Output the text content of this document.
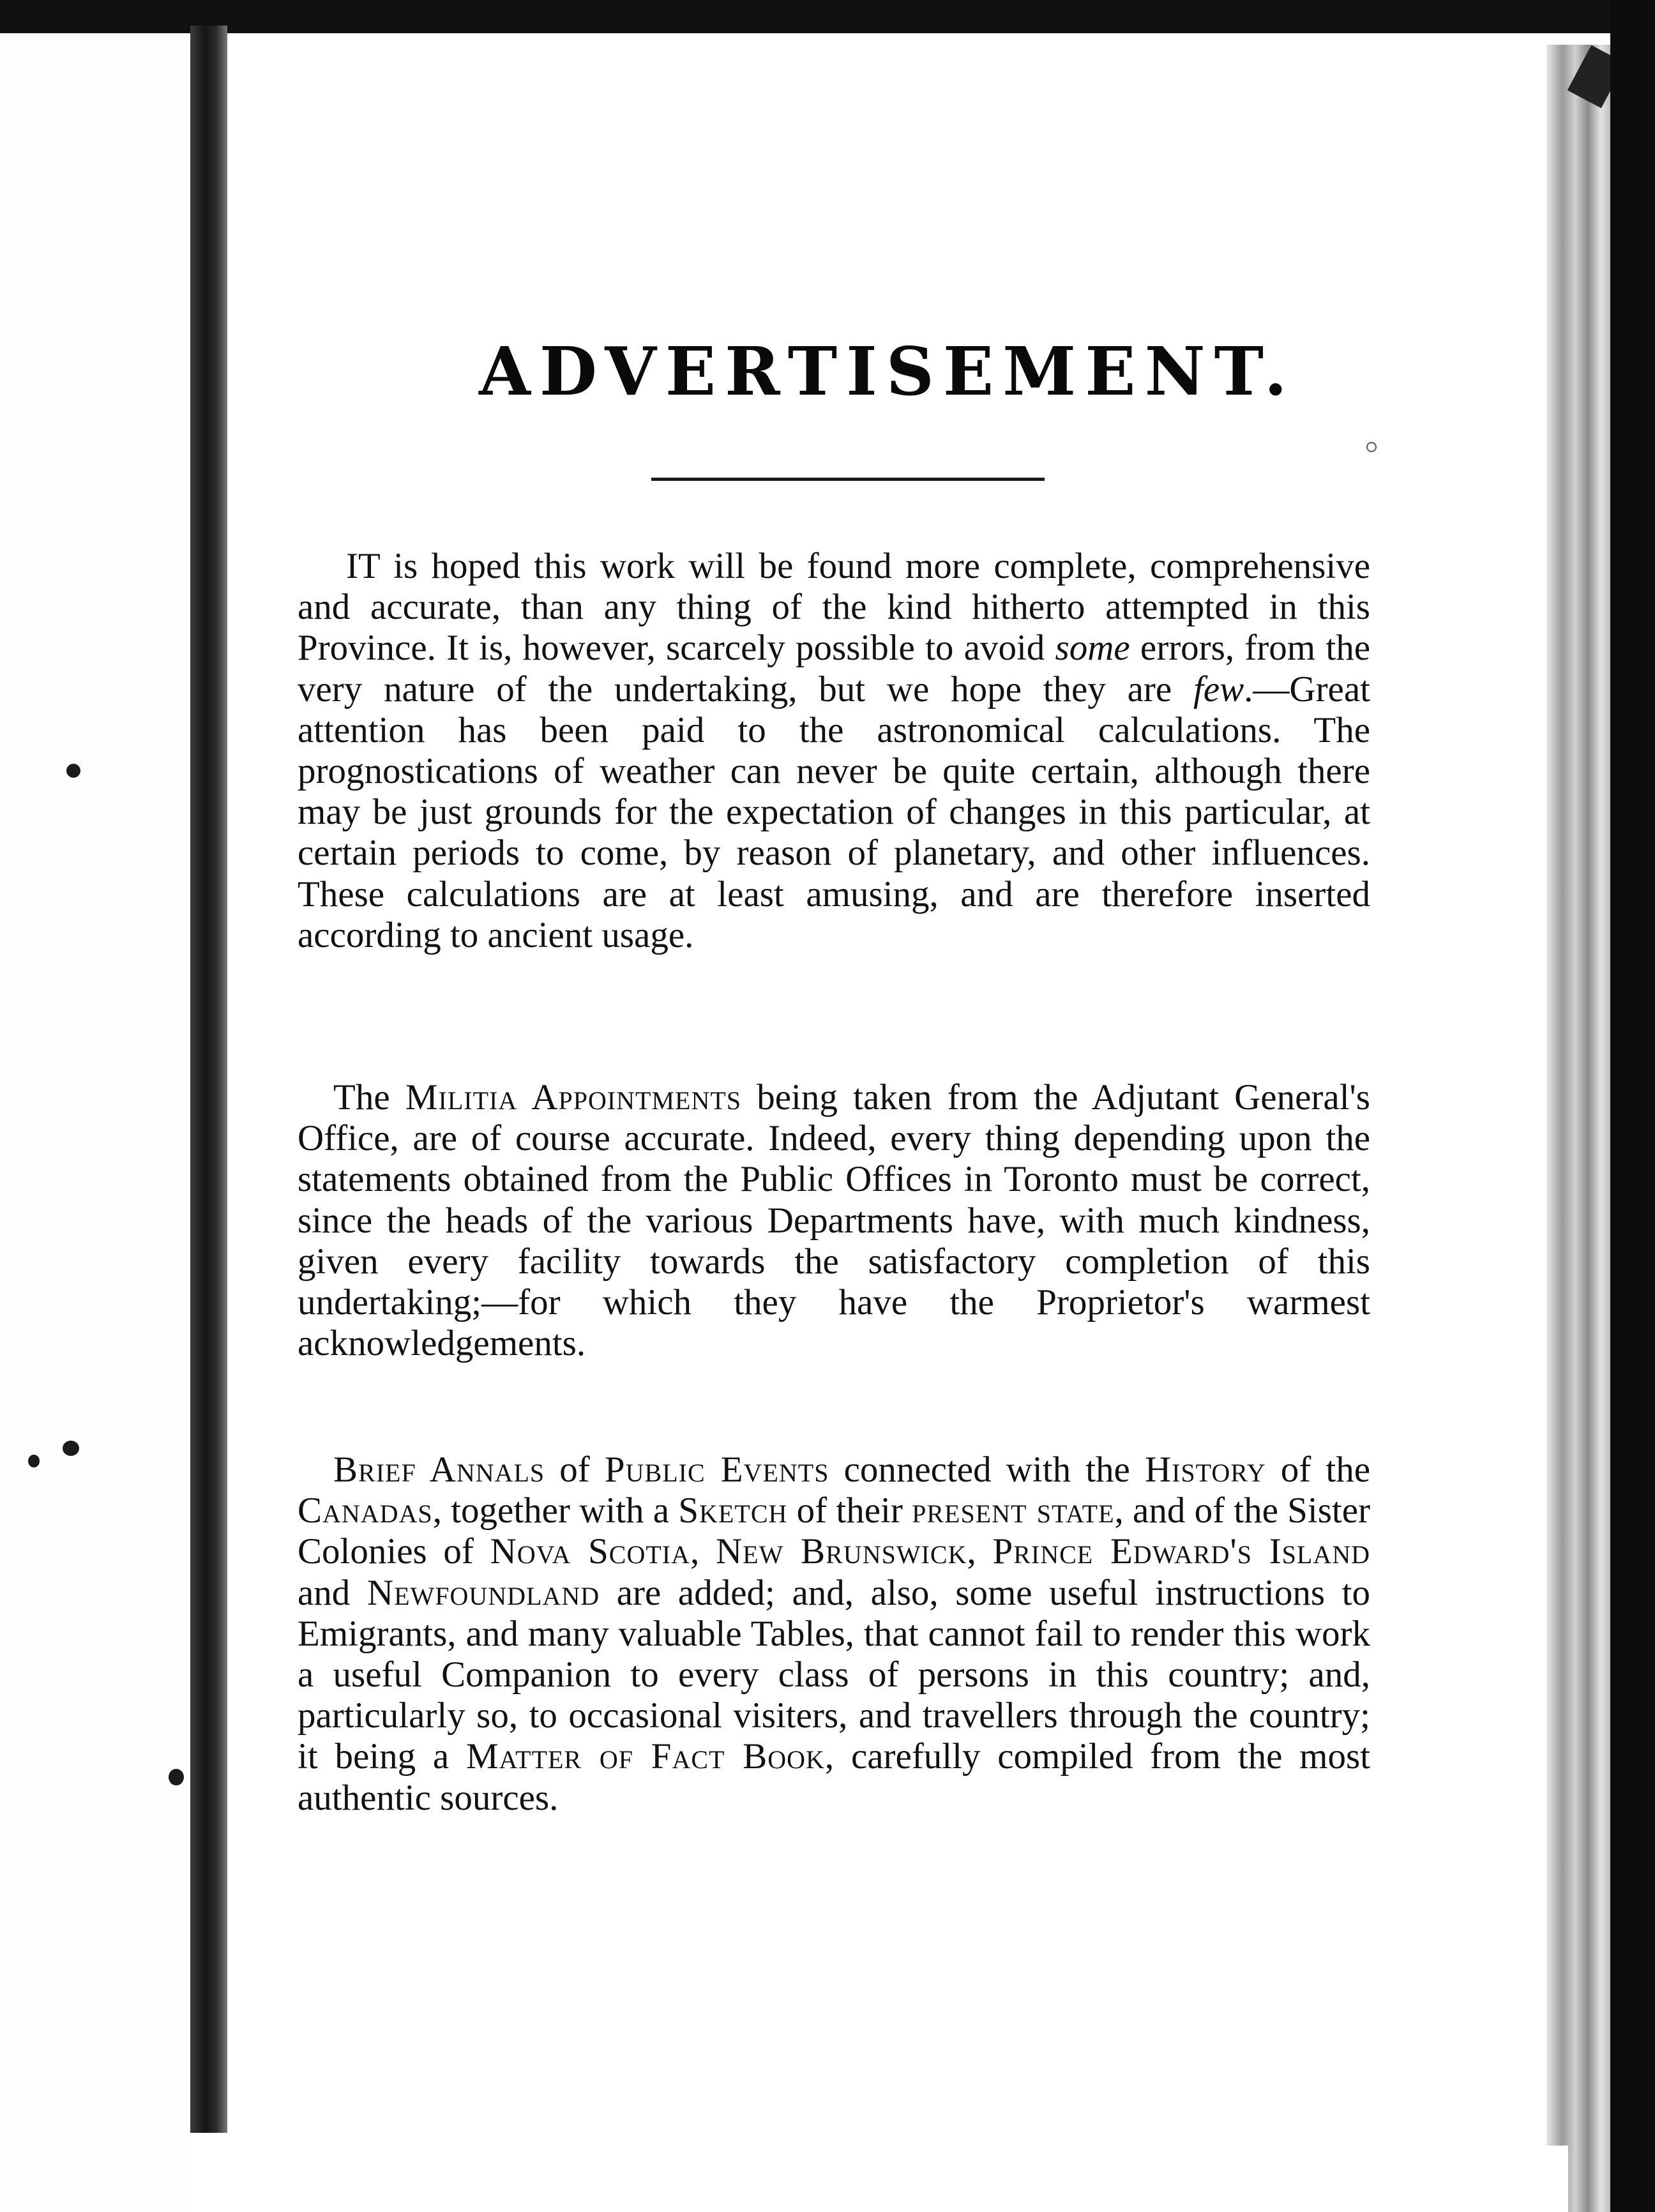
ADVERTISEMENT.

IT is hoped this work will be found more complete, comprehensive and accurate, than any thing of the kind hitherto attempted in this Province. It is, however, scarcely possible to avoid some errors, from the very nature of the undertaking, but we hope they are few.—Great attention has been paid to the astronomical calculations. The prognostications of weather can never be quite certain, although there may be just grounds for the expectation of changes in this particular, at certain periods to come, by reason of planetary, and other influences. These calculations are at least amusing, and are therefore inserted according to ancient usage.

The Militia Appointments being taken from the Adjutant General's Office, are of course accurate. Indeed, every thing depending upon the statements obtained from the Public Offices in Toronto must be correct, since the heads of the various Departments have, with much kindness, given every facility towards the satisfactory completion of this undertaking;—for which they have the Proprietor's warmest acknowledgements.

Brief Annals of Public Events connected with the History of the Canadas, together with a Sketch of their present state, and of the Sister Colonies of Nova Scotia, New Brunswick, Prince Edward's Island and Newfoundland are added; and, also, some useful instructions to Emigrants, and many valuable Tables, that cannot fail to render this work a useful Companion to every class of persons in this country; and, particularly so, to occasional visiters, and travellers through the country; it being a Matter of Fact Book, carefully compiled from the most authentic sources.
